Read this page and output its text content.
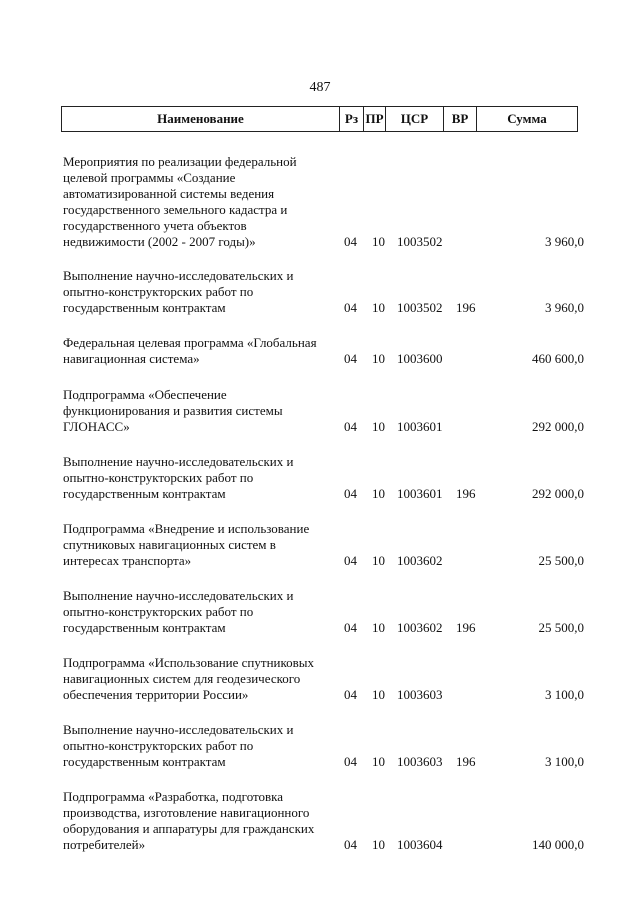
487
Наименование	Рз ПР	ЦСР	ВР	Сумма
Мероприятия по реализации федеральной
целевой программы «Создание
автоматизированной системы ведения
государственного земельного кадастра и
государственного учета объектов
недвижимости (2002 - 2007 годы)»	04 10 1003502	3 960,0
Выполнение научно-исследовательских и
опытно-конструкторских работ по
государственным контрактам	04 10 1003502 196	3 960,0
Федеральная целевая программа «Глобальная
навигационная система»	04 10 1003600	460 600,0
Подпрограмма «Обеспечение
функционирования и развития системы
ГЛОНАСС»	04 10 1003601	292 000,0
Выполнение научно-исследовательских и
опытно-конструкторских работ по
государственным контрактам	04 10 1003601 196	292 000,0
Подпрограмма «Внедрение и использование
спутниковых навигационных систем в
интересах транспорта»	04 10 1003602	25 500,0
Выполнение научно-исследовательских и
опытно-конструкторских работ по
государственным контрактам	04 10 1003602 196	25 500,0
Подпрограмма «Использование спутниковых
навигационных систем для геодезического
обеспечения территории России»	04 10 1003603	3 100,0
Выполнение научно-исследовательских и
опытно-конструкторских работ по
государственным контрактам	04 10 1003603 196	3 100,0
Подпрограмма «Разработка, подготовка
производства, изготовление навигационного
оборудования и аппаратуры для гражданских
потребителей»	04 10 1003604	140 000,0
